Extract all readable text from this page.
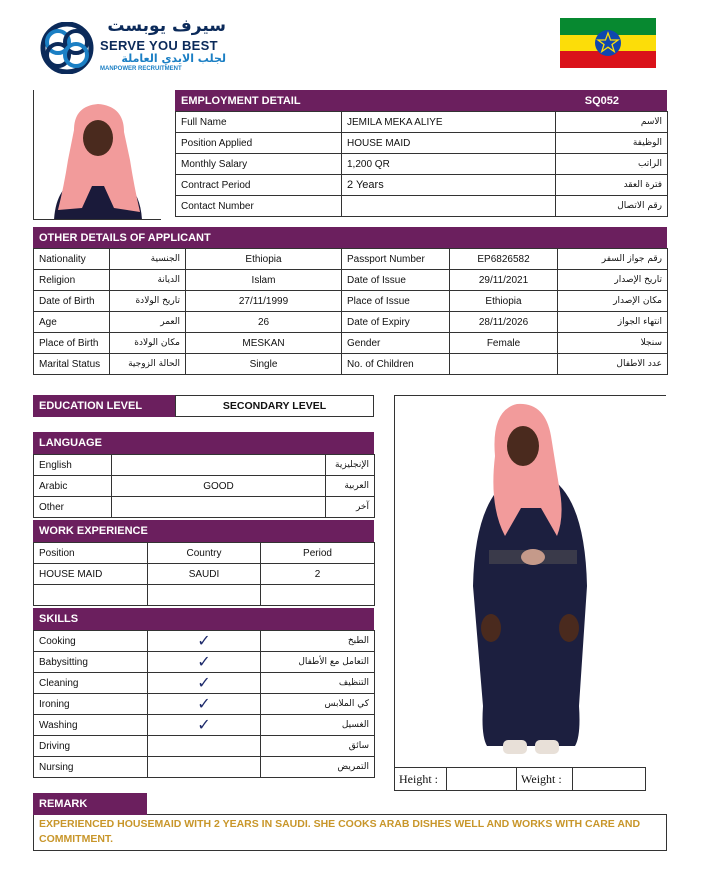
سيرف يوبست
SERVE YOU BEST
لجلب الايدي العاملة
MANPOWER RECRUITMENT
EMPLOYMENT DETAIL	SQ052
Full Name	JEMILA MEKA ALIYE	الاسم
Position Applied	HOUSE MAID	الوظيفة
Monthly Salary	1,200 QR	الراتب
Contract Period	2 Years	فترة العقد
Contact Number		رقم الاتصال
OTHER DETAILS OF APPLICANT
Nationality	الجنسية	Ethiopia	Passport Number	EP6826582	رقم جواز السفر
Religion	الديانة	Islam	Date of Issue	29/11/2021	تاريخ الإصدار
Date of Birth	تاريخ الولادة	27/11/1999	Place of Issue	Ethiopia	مكان الإصدار
Age	العمر	26	Date of Expiry	28/11/2026	انتهاء الجواز
Place of Birth	مكان الولادة	MESKAN	Gender	Female	سنجلا
Marital Status	الحالة الزوجية	Single	No. of Children		عدد الاطفال
EDUCATION LEVEL	SECONDARY LEVEL
LANGUAGE
English		الإنجليزية
Arabic	GOOD	العربية
Other		آخر
WORK EXPERIENCE
Position	Country	Period
HOUSE MAID	SAUDI	2

SKILLS
Cooking	✓	الطبخ
Babysitting	✓	التعامل مع الأطفال
Cleaning	✓	التنظيف
Ironing	✓	كي الملابس
Washing	✓	الغسيل
Driving		سائق
Nursing		التمريض
Height :	Weight :
REMARK
EXPERIENCED HOUSEMAID WITH 2 YEARS IN SAUDI. SHE COOKS ARAB DISHES WELL AND WORKS WITH CARE AND COMMITMENT.
